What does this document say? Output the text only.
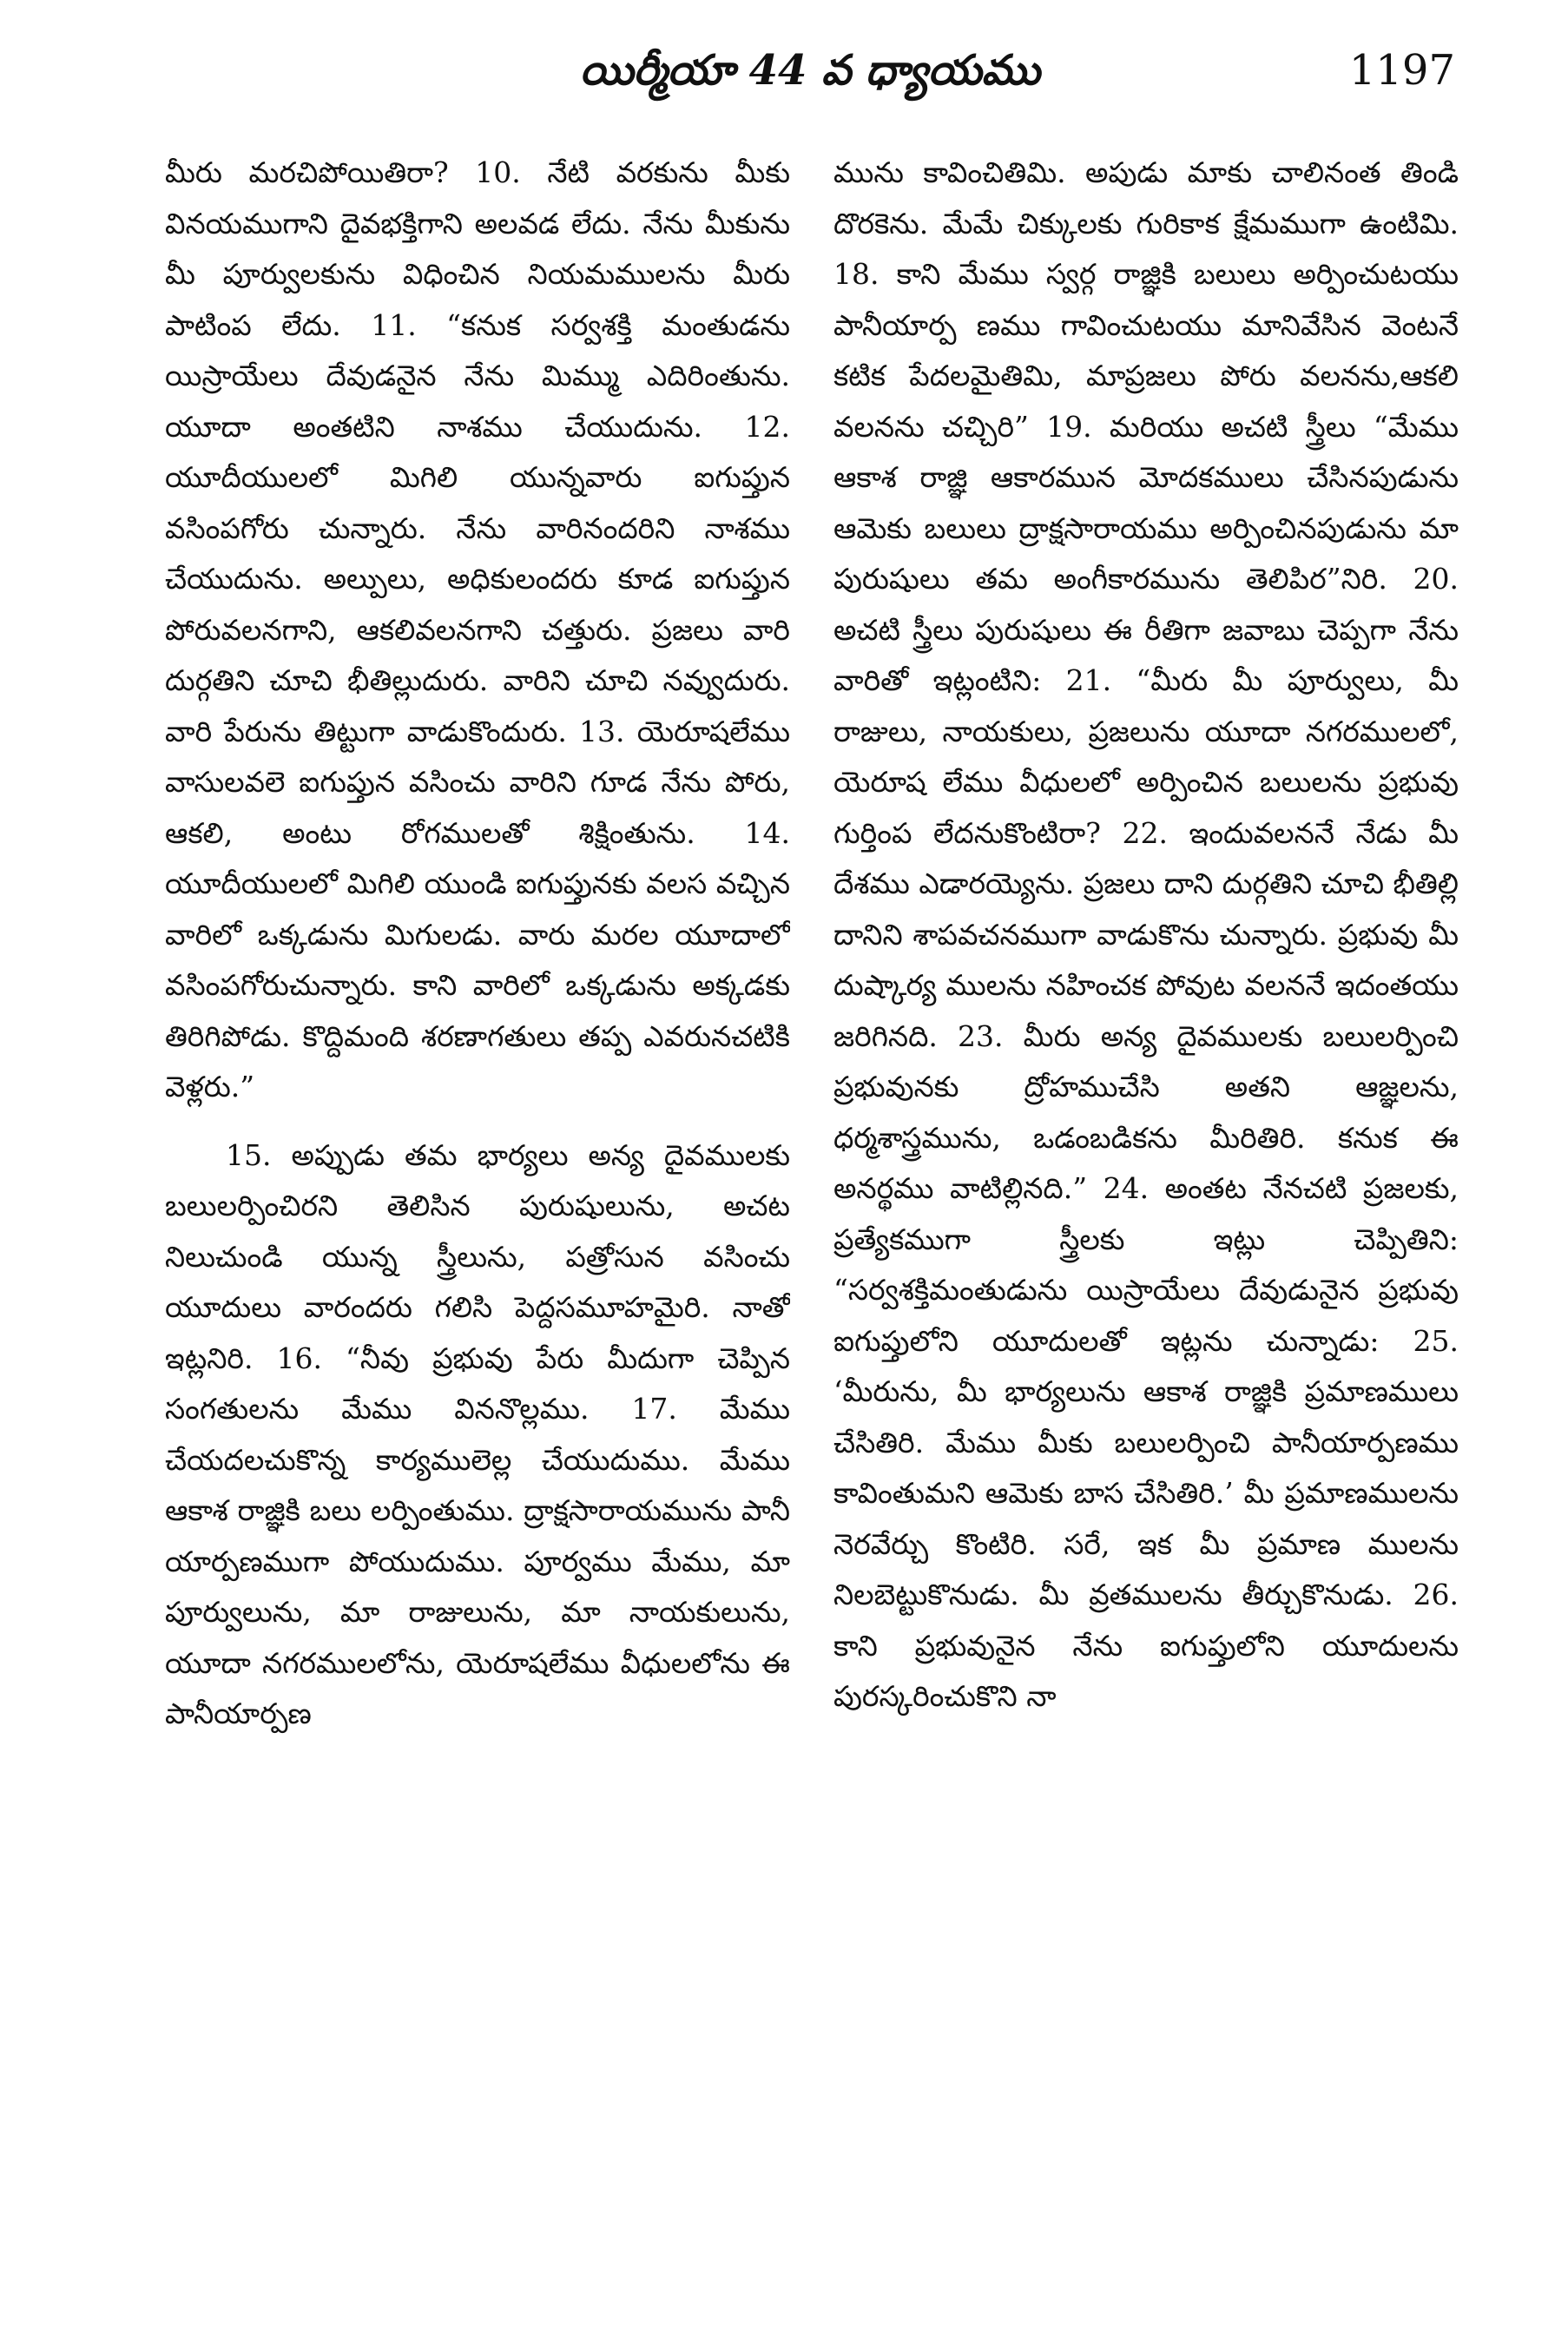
యిర్మీయా 44 వ ధ్యాయము	1197

మీరు మరచిపోయితిరా? 10. నేటి వరకును మీకు వినయముగాని దైవభక్తిగాని అలవడ లేదు. నేను మీకును మీ పూర్వులకును విధించిన నియమములను మీరు పాటింప లేదు. 11. “కనుక సర్వశక్తి మంతుడను యిస్రాయేలు దేవుడనైన నేను మిమ్ము ఎదిరింతును. యూదా అంతటిని నాశము చేయుదును. 12. యూదీయులలో మిగిలి యున్నవారు ఐగుప్తున వసింపగోరు చున్నారు. నేను వారినందరిని నాశము చేయుదును. అల్పులు, అధికులందరు కూడ ఐగుప్తున పోరువలనగాని, ఆకలివలనగాని చత్తురు. ప్రజలు వారి దుర్గతిని చూచి భీతిల్లుదురు. వారిని చూచి నవ్వుదురు. వారి పేరును తిట్టుగా వాడుకొందురు. 13. యెరూషలేము వాసులవలె ఐగుప్తున వసించు వారిని గూడ నేను పోరు, ఆకలి, అంటు రోగములతో శిక్షింతును. 14. యూదీయులలో మిగిలి యుండి ఐగుప్తునకు వలస వచ్చిన వారిలో ఒక్కడును మిగులడు. వారు మరల యూదాలో వసింపగోరుచున్నారు. కాని వారిలో ఒక్కడును అక్కడకు తిరిగిపోడు. కొద్దిమంది శరణాగతులు తప్ప ఎవరునచటికి వెళ్లరు.”

15. అప్పుడు తమ భార్యలు అన్య దైవములకు బలులర్పించిరని తెలిసిన పురుషులును, అచట నిలుచుండి యున్న స్త్రీలును, పత్రోసున వసించు యూదులు వారందరు గలిసి పెద్దసమూహమైరి. నాతో ఇట్లనిరి. 16. “నీవు ప్రభువు పేరు మీదుగా చెప్పిన సంగతులను మేము విననొల్లము. 17. మేము చేయదలచుకొన్న కార్యములెల్ల చేయుదుము. మేము ఆకాశ రాజ్ఞికి బలు లర్పింతుము. ద్రాక్షసారాయమును పానీ యార్పణముగా పోయుదుము. పూర్వము మేము, మా పూర్వులును, మా రాజులును, మా నాయకులును, యూదా నగరములలోను, యెరూషలేము వీధులలోను ఈ పానీయార్పణ

మును కావించితిమి. అపుడు మాకు చాలినంత తిండి దొరకెను. మేమే చిక్కులకు గురికాక క్షేమముగా ఉంటిమి. 18. కాని మేము స్వర్గ రాజ్ఞికి బలులు అర్పించుటయు పానీయార్ప ణము గావించుటయు మానివేసిన వెంటనే కటిక పేదలమైతిమి, మాప్రజలు పోరు వలనను,ఆకలి వలనను చచ్చిరి” 19. మరియు అచటి స్త్రీలు “మేము ఆకాశ రాజ్ఞి ఆకారమున మోదకములు చేసినపుడును ఆమెకు బలులు ద్రాక్షసారాయము అర్పించినపుడును మా పురుషులు తమ అంగీకారమును తెలిపిర”నిరి. 20. అచటి స్త్రీలు పురుషులు ఈ రీతిగా జవాబు చెప్పగా నేను వారితో ఇట్లంటిని: 21. “మీరు మీ పూర్వులు, మీ రాజులు, నాయకులు, ప్రజలును యూదా నగరములలో, యెరూష లేము వీధులలో అర్పించిన బలులను ప్రభువు గుర్తింప లేదనుకొంటిరా? 22. ఇందువలననే నేడు మీ దేశము ఎడారయ్యెను. ప్రజలు దాని దుర్గతిని చూచి భీతిల్లి దానిని శాపవచనముగా వాడుకొను చున్నారు. ప్రభువు మీ దుష్కార్య ములను నహించక పోవుట వలననే ఇదంతయు జరిగినది. 23. మీరు అన్య దైవములకు బలులర్పించి ప్రభువునకు ద్రోహముచేసి అతని ఆజ్ఞలను, ధర్మశాస్త్రమును, ఒడంబడికను మీరితిరి. కనుక ఈ అనర్థము వాటిల్లినది.” 24. అంతట నేనచటి ప్రజలకు, ప్రత్యేకముగా స్త్రీలకు ఇట్లు చెప్పితిని: “సర్వశక్తిమంతుడును యిస్రాయేలు దేవుడునైన ప్రభువు ఐగుప్తులోని యూదులతో ఇట్లను చున్నాడు: 25. ‘మీరును, మీ భార్యలును ఆకాశ రాజ్ఞికి ప్రమాణములు చేసితిరి. మేము మీకు బలులర్పించి పానీయార్పణము కావింతుమని ఆమెకు బాస చేసితిరి.’ మీ ప్రమాణములను నెరవేర్చు కొంటిరి. సరే, ఇక మీ ప్రమాణ ములను నిలబెట్టుకొనుడు. మీ వ్రతములను తీర్చుకొనుడు. 26. కాని ప్రభువునైన నేను ఐగుప్తులోని యూదులను పురస్కరించుకొని నా
